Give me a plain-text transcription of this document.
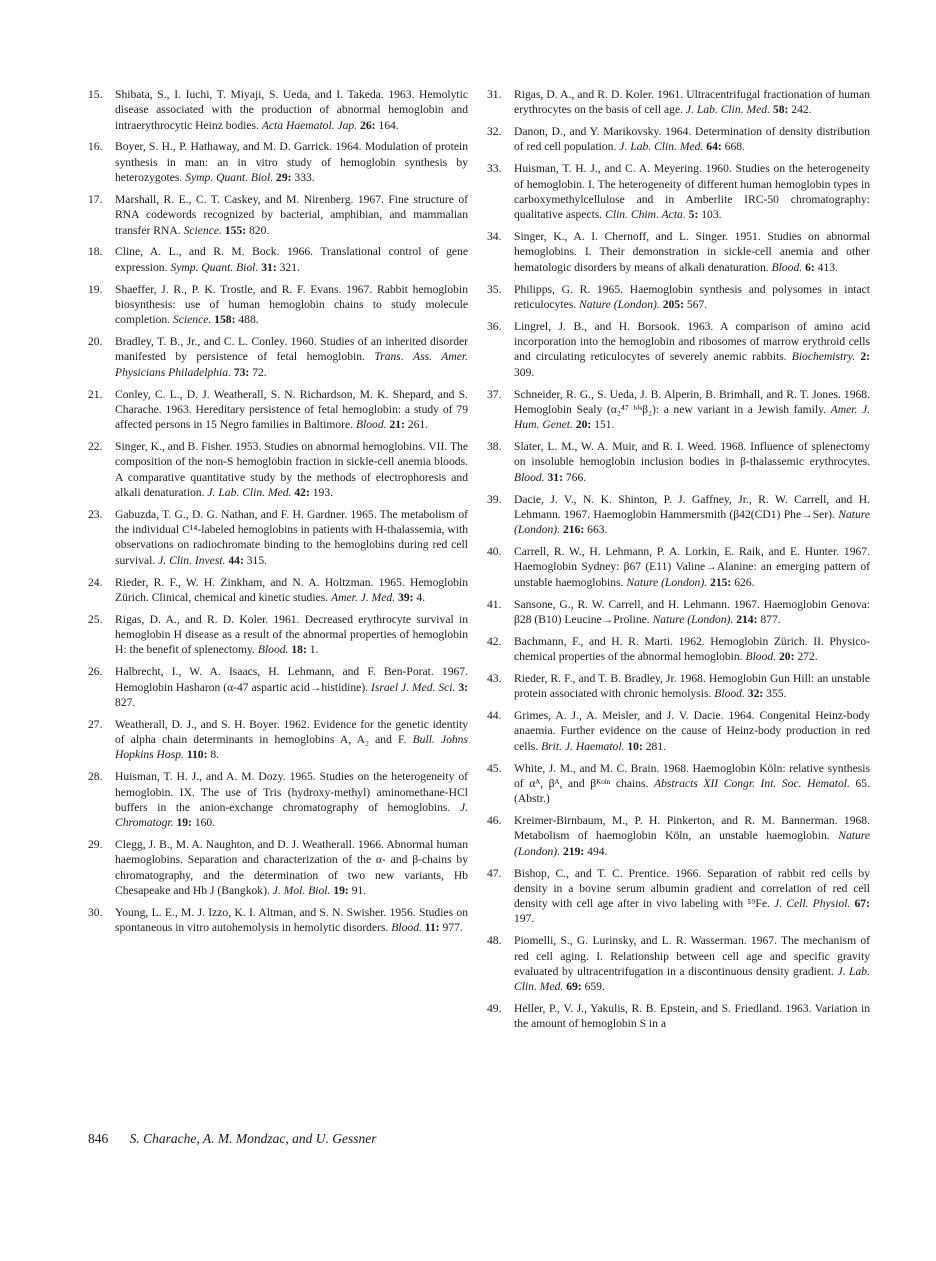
15. Shibata, S., I. Iuchi, T. Miyaji, S. Ueda, and I. Takeda. 1963. Hemolytic disease associated with the production of abnormal hemoglobin and intraerythrocytic Heinz bodies. Acta Haematol. Jap. 26: 164.
16. Boyer, S. H., P. Hathaway, and M. D. Garrick. 1964. Modulation of protein synthesis in man: an in vitro study of hemoglobin synthesis by heterozygotes. Symp. Quant. Biol. 29: 333.
17. Marshall, R. E., C. T. Caskey, and M. Nirenberg. 1967. Fine structure of RNA codewords recognized by bacterial, amphibian, and mammalian transfer RNA. Science. 155: 820.
18. Cline, A. L., and R. M. Bock. 1966. Translational control of gene expression. Symp. Quant. Biol. 31: 321.
19. Shaeffer, J. R., P. K. Trostle, and R. F. Evans. 1967. Rabbit hemoglobin biosynthesis: use of human hemoglobin chains to study molecule completion. Science. 158: 488.
20. Bradley, T. B., Jr., and C. L. Conley. 1960. Studies of an inherited disorder manifested by persistence of fetal hemoglobin. Trans. Ass. Amer. Physicians Philadelphia. 73: 72.
21. Conley, C. L., D. J. Weatherall, S. N. Richardson, M. K. Shepard, and S. Charache. 1963. Hereditary persistence of fetal hemoglobin: a study of 79 affected persons in 15 Negro families in Baltimore. Blood. 21: 261.
22. Singer, K., and B. Fisher. 1953. Studies on abnormal hemoglobins. VII. The composition of the non-S hemoglobin fraction in sickle-cell anemia bloods. A comparative quantitative study by the methods of electrophoresis and alkali denaturation. J. Lab. Clin. Med. 42: 193.
23. Gabuzda, T. G., D. G. Nathan, and F. H. Gardner. 1965. The metabolism of the individual C¹⁴-labeled hemoglobins in patients with H-thalassemia, with observations on radiochromate binding to the hemoglobins during red cell survival. J. Clin. Invest. 44: 315.
24. Rieder, R. F., W. H. Zinkham, and N. A. Holtzman. 1965. Hemoglobin Zürich. Clinical, chemical and kinetic studies. Amer. J. Med. 39: 4.
25. Rigas, D. A., and R. D. Koler. 1961. Decreased erythrocyte survival in hemoglobin H disease as a result of the abnormal properties of hemoglobin H: the benefit of splenectomy. Blood. 18: 1.
26. Halbrecht, I., W. A. Isaacs, H. Lehmann, and F. Ben-Porat. 1967. Hemoglobin Hasharon (α-47 aspartic acid→histidine). Israel J. Med. Sci. 3: 827.
27. Weatherall, D. J., and S. H. Boyer. 1962. Evidence for the genetic identity of alpha chain determinants in hemoglobins A, A₂ and F. Bull. Johns Hopkins Hosp. 110: 8.
28. Huisman, T. H. J., and A. M. Dozy. 1965. Studies on the heterogeneity of hemoglobin. IX. The use of Tris (hydroxy-methyl) aminomethane-HCl buffers in the anion-exchange chromatography of hemoglobins. J. Chromatogr. 19: 160.
29. Clegg, J. B., M. A. Naughton, and D. J. Weatherall. 1966. Abnormal human haemoglobins. Separation and characterization of the α- and β-chains by chromatography, and the determination of two new variants, Hb Chesapeake and Hb J (Bangkok). J. Mol. Biol. 19: 91.
30. Young, L. E., M. J. Izzo, K. I. Altman, and S. N. Swisher. 1956. Studies on spontaneous in vitro autohemolysis in hemolytic disorders. Blood. 11: 977.
31. Rigas, D. A., and R. D. Koler. 1961. Ultracentrifugal fractionation of human erythrocytes on the basis of cell age. J. Lab. Clin. Med. 58: 242.
32. Danon, D., and Y. Marikovsky. 1964. Determination of density distribution of red cell population. J. Lab. Clin. Med. 64: 668.
33. Huisman, T. H. J., and C. A. Meyering. 1960. Studies on the heterogeneity of hemoglobin. I. The heterogeneity of different human hemoglobin types in carboxymethylcellulose and in Amberlite IRC-50 chromatography: qualitative aspects. Clin. Chim. Acta. 5: 103.
34. Singer, K., A. I. Chernoff, and L. Singer. 1951. Studies on abnormal hemoglobins. I. Their demonstration in sickle-cell anemia and other hematologic disorders by means of alkali denaturation. Blood. 6: 413.
35. Philipps, G. R. 1965. Haemoglobin synthesis and polysomes in intact reticulocytes. Nature (London). 205: 567.
36. Lingrel, J. B., and H. Borsook. 1963. A comparison of amino acid incorporation into the hemoglobin and ribosomes of marrow erythroid cells and circulating reticulocytes of severely anemic rabbits. Biochemistry. 2: 309.
37. Schneider, R. G., S. Ueda, J. B. Alperin, B. Brimhall, and R. T. Jones. 1968. Hemoglobin Sealy (α₂⁴⁷ ʰⁱˢβ₂): a new variant in a Jewish family. Amer. J. Hum. Genet. 20: 151.
38. Slater, L. M., W. A. Muir, and R. I. Weed. 1968. Influence of splenectomy on insoluble hemoglobin inclusion bodies in β-thalassemic erythrocytes. Blood. 31: 766.
39. Dacie, J. V., N. K. Shinton, P. J. Gaffney, Jr., R. W. Carrell, and H. Lehmann. 1967. Haemoglobin Hammersmith (β42(CD1) Phe→Ser). Nature (London). 216: 663.
40. Carrell, R. W., H. Lehmann, P. A. Lorkin, E. Raik, and E. Hunter. 1967. Haemoglobin Sydney: β67 (E11) Valine→Alanine: an emerging pattern of unstable haemoglobins. Nature (London). 215: 626.
41. Sansone, G., R. W. Carrell, and H. Lehmann. 1967. Haemoglobin Genova: β28 (B10) Leucine→Proline. Nature (London). 214: 877.
42. Bachmann, F., and H. R. Marti. 1962. Hemoglobin Zürich. II. Physico-chemical properties of the abnormal hemoglobin. Blood. 20: 272.
43. Rieder, R. F., and T. B. Bradley, Jr. 1968. Hemoglobin Gun Hill: an unstable protein associated with chronic hemolysis. Blood. 32: 355.
44. Grimes, A. J., A. Meisler, and J. V. Dacie. 1964. Congenital Heinz-body anaemia. Further evidence on the cause of Heinz-body production in red cells. Brit. J. Haematol. 10: 281.
45. White, J. M., and M. C. Brain. 1968. Haemoglobin Köln: relative synthesis of αᴬ, βᴬ, and βᴷᵒˡⁿ chains. Abstracts XII Congr. Int. Soc. Hematol. 65. (Abstr.)
46. Kreimer-Birnbaum, M., P. H. Pinkerton, and R. M. Bannerman. 1968. Metabolism of haemoglobin Köln, an unstable haemoglobin. Nature (London). 219: 494.
47. Bishop, C., and T. C. Prentice. 1966. Separation of rabbit red cells by density in a bovine serum albumin gradient and correlation of red cell density with cell age after in vivo labeling with ⁵⁹Fe. J. Cell. Physiol. 67: 197.
48. Piomelli, S., G. Lurinsky, and L. R. Wasserman. 1967. The mechanism of red cell aging. I. Relationship between cell age and specific gravity evaluated by ultracentrifugation in a discontinuous density gradient. J. Lab. Clin. Med. 69: 659.
49. Heller, P., V. J., Yakulis, R. B. Epstein, and S. Friedland. 1963. Variation in the amount of hemoglobin S in a
846 S. Charache, A. M. Mondzac, and U. Gessner
